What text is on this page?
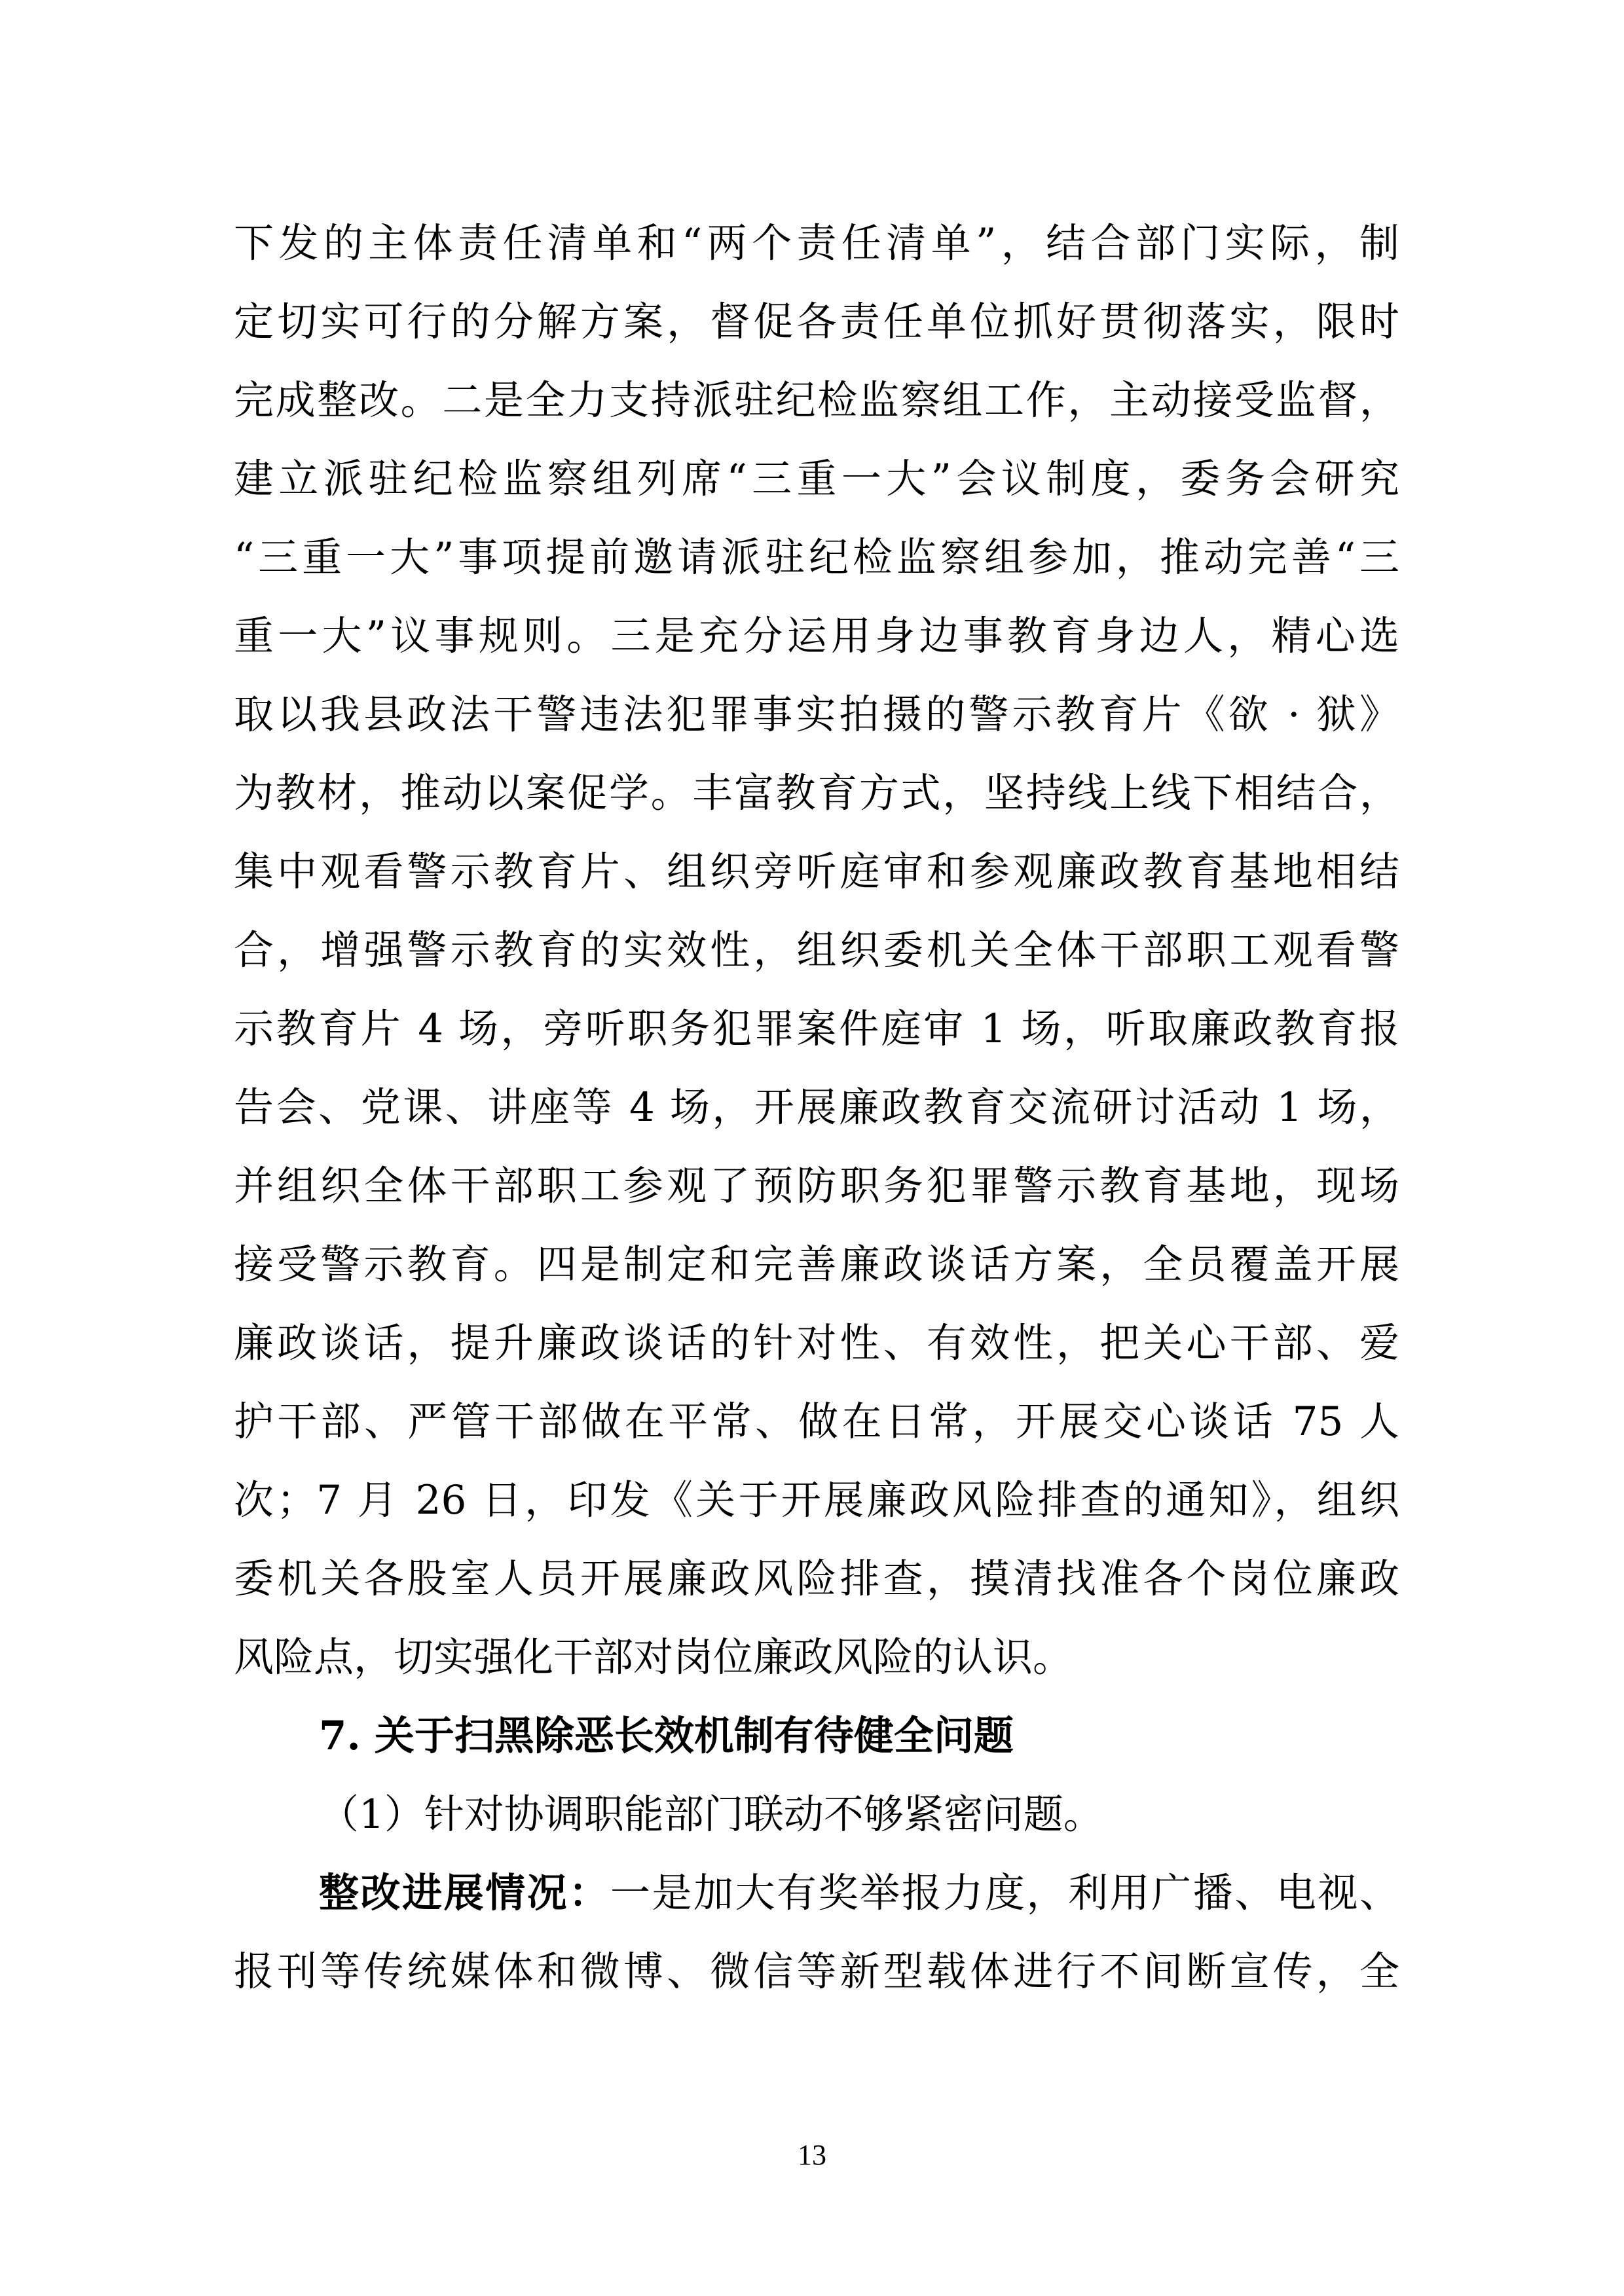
下发的主体责任清单和“两个责任清单”，结合部门实际，制
定切实可行的分解方案，督促各责任单位抓好贯彻落实，限时
完成整改。二是全力支持派驻纪检监察组工作，主动接受监督，
建立派驻纪检监察组列席“三重一大”会议制度，委务会研究
“三重一大”事项提前邀请派驻纪检监察组参加，推动完善“三
重一大”议事规则。三是充分运用身边事教育身边人，精心选
取以我县政法干警违法犯罪事实拍摄的警示教育片《欲 · 狱》
为教材，推动以案促学。丰富教育方式，坚持线上线下相结合，
集中观看警示教育片、组织旁听庭审和参观廉政教育基地相结
合，增强警示教育的实效性，组织委机关全体干部职工观看警
示教育片 4 场，旁听职务犯罪案件庭审 1 场，听取廉政教育报
告会、党课、讲座等 4 场，开展廉政教育交流研讨活动 1 场，
并组织全体干部职工参观了预防职务犯罪警示教育基地，现场
接受警示教育。四是制定和完善廉政谈话方案，全员覆盖开展
廉政谈话，提升廉政谈话的针对性、有效性，把关心干部、爱
护干部、严管干部做在平常、做在日常，开展交心谈话 75 人
次；7 月 26 日，印发《关于开展廉政风险排查的通知》，组织
委机关各股室人员开展廉政风险排查，摸清找准各个岗位廉政
风险点，切实强化干部对岗位廉政风险的认识。
7. 关于扫黑除恶长效机制有待健全问题
（1）针对协调职能部门联动不够紧密问题。
整改进展情况：一是加大有奖举报力度，利用广播、电视、
报刊等传统媒体和微博、微信等新型载体进行不间断宣传，全
13
